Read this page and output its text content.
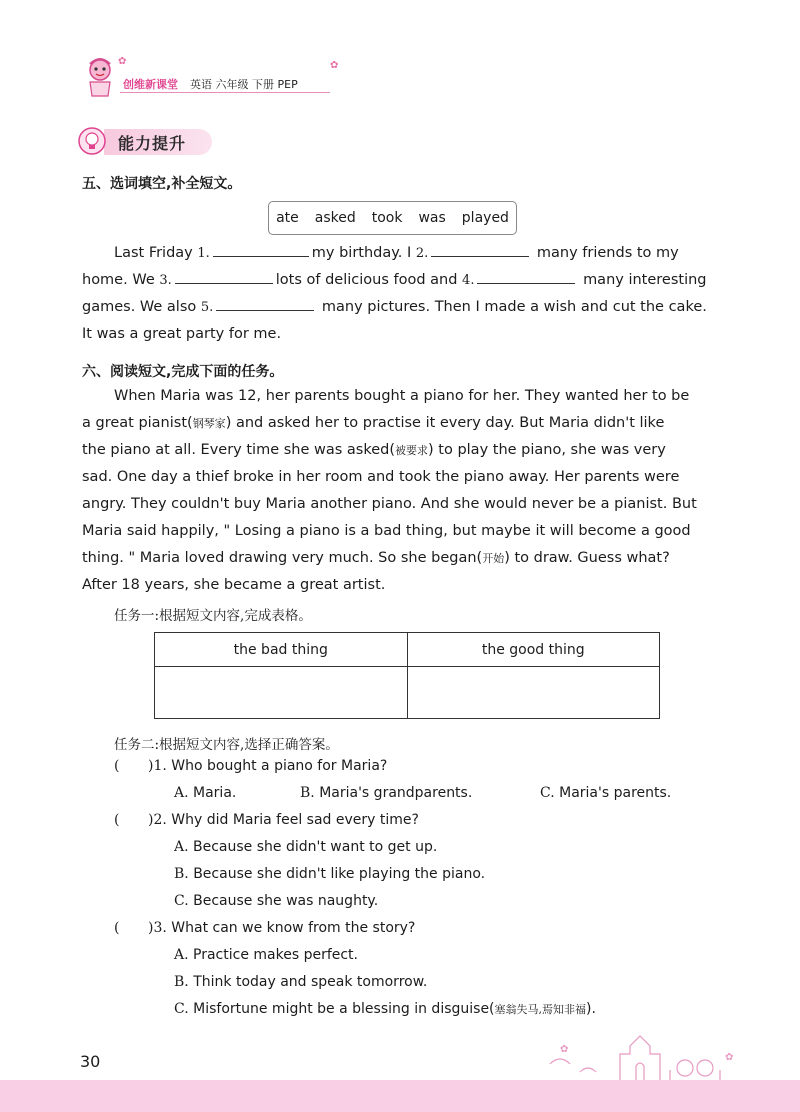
创维新课堂 英语 六年级 下册 PEP
✿	✿
能力提升
五、选词填空,补全短文。
ate asked took was played
Last Friday 1.	my birthday. I 2.	many friends to my
home. We 3.	lots of delicious food and 4.	many interesting
games. We also 5.	many pictures. Then I made a wish and cut the cake.
It was a great party for me.
六、阅读短文,完成下面的任务。
When Maria was 12, her parents bought a piano for her. They wanted her to be
a great pianist(钢琴家) and asked her to practise it every day. But Maria didn't like
the piano at all. Every time she was asked(被要求) to play the piano, she was very
sad. One day a thief broke in her room and took the piano away. Her parents were
angry. They couldn't buy Maria another piano. And she would never be a pianist. But
Maria said happily, " Losing a piano is a bad thing, but maybe it will become a good
thing. " Maria loved drawing very much. So she began(开始) to draw. Guess what?
After 18 years, she became a great artist.
任务一:根据短文内容,完成表格。
the bad thing	the good thing

任务二:根据短文内容,选择正确答案。
( )1. Who bought a piano for Maria?
A. Maria.	B. Maria's grandparents.	C. Maria's parents.
( )2. Why did Maria feel sad every time?
A. Because she didn't want to get up.
B. Because she didn't like playing the piano.
C. Because she was naughty.
( )3. What can we know from the story?
A. Practice makes perfect.
B. Think today and speak tomorrow.
C. Misfortune might be a blessing in disguise(塞翁失马,焉知非福).
30
✿
✿
